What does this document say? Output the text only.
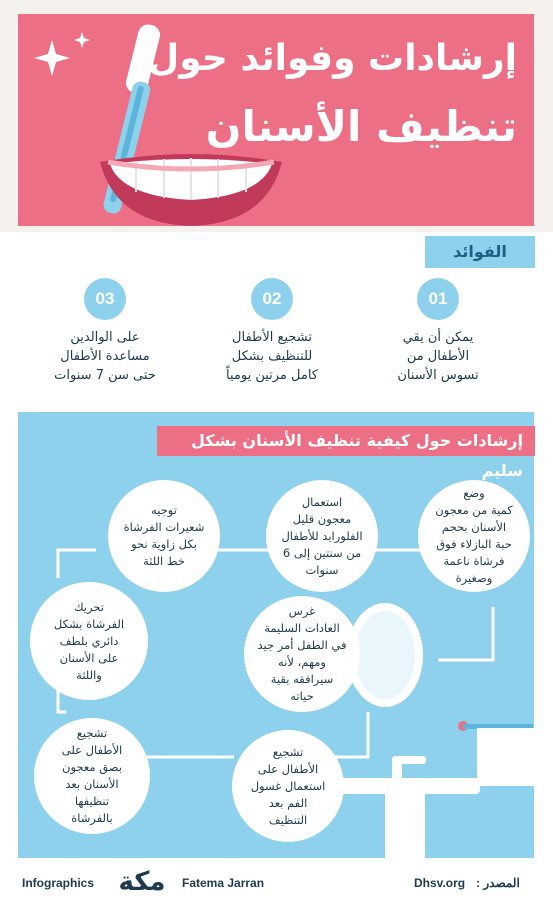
إرشادات وفوائد حول
تنظيف الأسنان
الفوائد
01
02
03
يمكن أن يقي
الأطفال من
تسوس الأسنان
تشجيع الأطفال
للتنظيف بشكل
كامل مرتين يومياً
على الوالدين
مساعدة الأطفال
حتى سن 7 سنوات
إرشادات حول كيفية تنظيف الأسنان بشكل سليم
وضع
كمية من معجون
الأسنان بحجم
حبة البازلاء فوق
فرشاة ناعمة
وصغيرة
استعمال
معجون قليل
الفلورايد للأطفال
من سنتين إلى 6
سنوات
توجيه
شعيرات الفرشاة
بكل زاوية نحو
خط اللثة
تحريك
الفرشاة بشكل
دائري بلطف
على الأسنان
واللثة
غرس
العادات السليمة
في الطفل أمر جيد
ومهم، لأنه
سيرافقه بقية
حياته
تشجيع
الأطفال على
بصق معجون
الأسنان بعد
تنظيفها
بالفرشاة
تشجيع
الأطفال على
استعمال غسول
الفم بعد
التنظيف
Infographics مكة	Fatema Jarran	Dhsv.org : المصدر
